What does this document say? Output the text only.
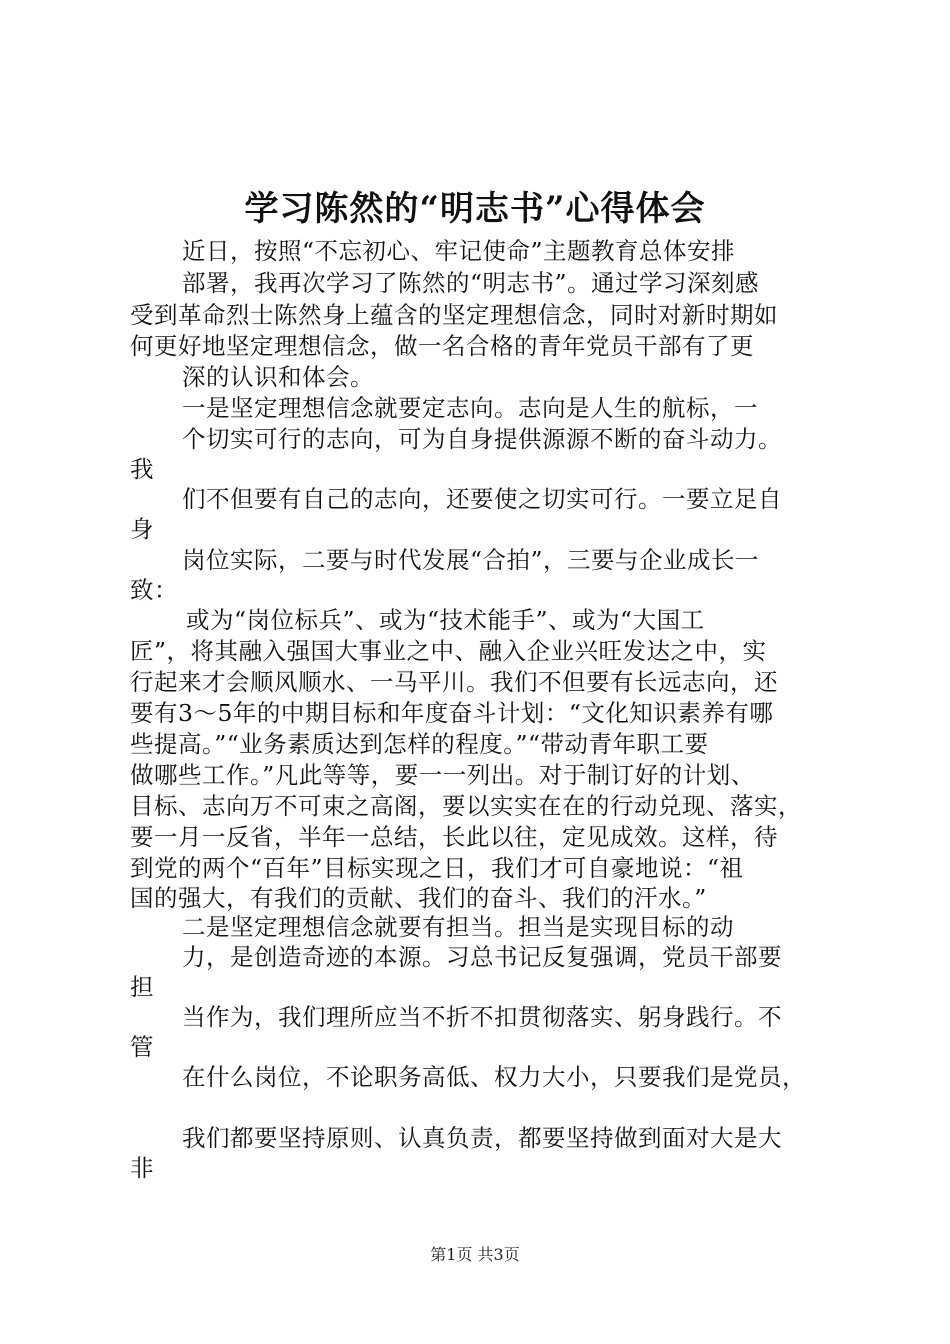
学习陈然的“明志书”心得体会
近日，按照“不忘初心、牢记使命”主题教育总体安排
部署，我再次学习了陈然的“明志书”。通过学习深刻感
受到革命烈士陈然身上蕴含的坚定理想信念，同时对新时期如
何更好地坚定理想信念，做一名合格的青年党员干部有了更
深的认识和体会。
一是坚定理想信念就要定志向。志向是人生的航标，一
个切实可行的志向，可为自身提供源源不断的奋斗动力。
我
们不但要有自己的志向，还要使之切实可行。一要立足自
身
岗位实际，二要与时代发展“合拍”，三要与企业成长一
致：
或为“岗位标兵”、或为“技术能手”、或为“大国工
匠”，将其融入强国大事业之中、融入企业兴旺发达之中，实
行起来才会顺风顺水、一马平川。我们不但要有长远志向，还
要有3～5年的中期目标和年度奋斗计划：“文化知识素养有哪
些提高。”“业务素质达到怎样的程度。”“带动青年职工要
做哪些工作。”凡此等等，要一一列出。对于制订好的计划、
目标、志向万不可束之高阁，要以实实在在的行动兑现、落实，
要一月一反省，半年一总结，长此以往，定见成效。这样，待
到党的两个“百年”目标实现之日，我们才可自豪地说：“祖
国的强大，有我们的贡献、我们的奋斗、我们的汗水。”
二是坚定理想信念就要有担当。担当是实现目标的动
力，是创造奇迹的本源。习总书记反复强调，党员干部要
担
当作为，我们理所应当不折不扣贯彻落实、躬身践行。不
管
在什么岗位，不论职务高低、权力大小，只要我们是党员，
我们都要坚持原则、认真负责，都要坚持做到面对大是大
非
第1页 共3页
